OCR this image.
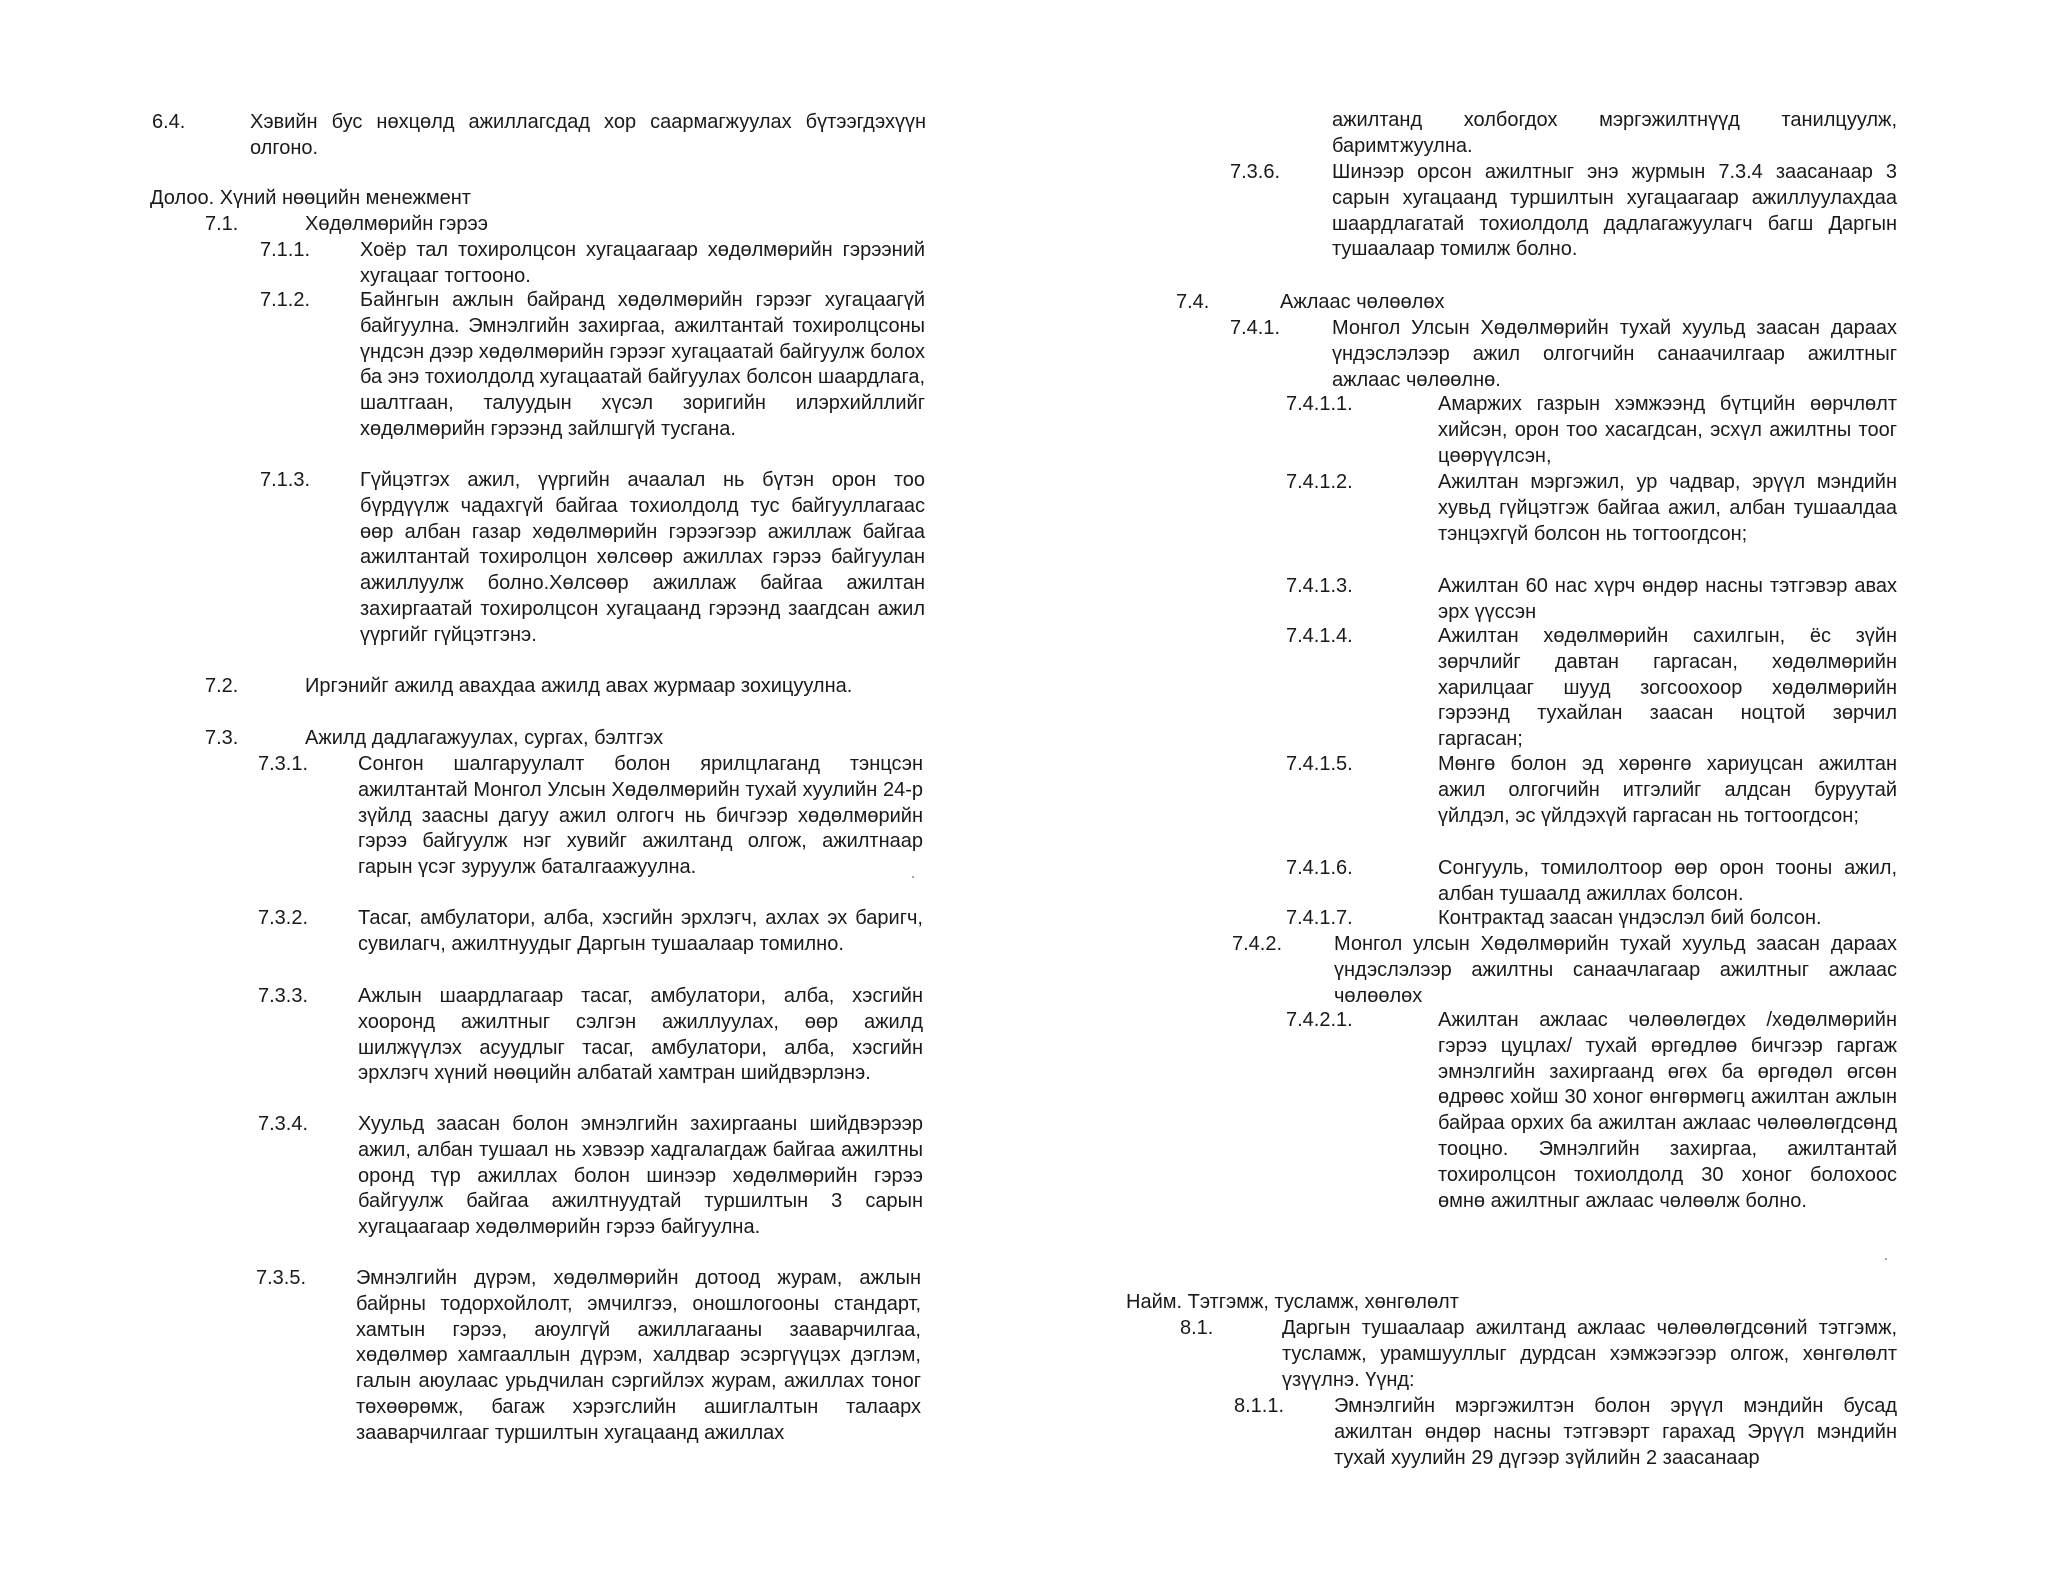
6.4.	Хэвийн бус нөхцөлд ажиллагсдад хор саармагжуулах бүтээгдэхүүн олгоно.
Долоо. Хүний нөөцийн менежмент
7.1.	Хөдөлмөрийн гэрээ
7.1.1. Хоёр тал тохиролцсон хугацаагаар хөдөлмөрийн гэрээний хугацааг тогтооно.
7.1.2. Байнгын ажлын байранд хөдөлмөрийн гэрээг хугацаагүй байгуулна. Эмнэлгийн захиргаа, ажилтантай тохиролцсоны үндсэн дээр хөдөлмөрийн гэрээг хугацаатай байгуулж болох ба энэ тохиолдолд хугацаатай байгуулах болсон шаардлага, шалтгаан, талуудын хүсэл зоригийн илэрхийллийг хөдөлмөрийн гэрээнд зайлшгүй тусгана.
7.1.3. Гүйцэтгэх ажил, үүргийн ачаалал нь бүтэн орон тоо бүрдүүлж чадахгүй байгаа тохиолдолд тус байгууллагаас өөр албан газар хөдөлмөрийн гэрээгээр ажиллаж байгаа ажилтантай тохиролцон хөлсөөр ажиллах гэрээ байгуулан ажиллуулж болно.Хөлсөөр ажиллаж байгаа ажилтан захиргаатай тохиролцсон хугацаанд гэрээнд заагдсан ажил үүргийг гүйцэтгэнэ.
7.2.	Иргэнийг ажилд авахдаа ажилд авах журмаар зохицуулна.
7.3.	Ажилд дадлагажуулах, сургах, бэлтгэх
7.3.1. Сонгон шалгаруулалт болон ярилцлаганд тэнцсэн ажилтантай Монгол Улсын Хөдөлмөрийн тухай хуулийн 24-р зүйлд заасны дагуу ажил олгогч нь бичгээр хөдөлмөрийн гэрээ байгуулж нэг хувийг ажилтанд олгож, ажилтнаар гарын үсэг зуруулж баталгаажуулна.
7.3.2. Тасаг, амбулатори, алба, хэсгийн эрхлэгч, ахлах эх баригч, сувилагч, ажилтнуудыг Даргын тушаалаар томилно.
7.3.3. Ажлын шаардлагаар тасаг, амбулатори, алба, хэсгийн хооронд ажилтныг сэлгэн ажиллуулах, өөр ажилд шилжүүлэх асуудлыг тасаг, амбулатори, алба, хэсгийн эрхлэгч хүний нөөцийн албатай хамтран шийдвэрлэнэ.
7.3.4. Хуульд заасан болон эмнэлгийн захиргааны шийдвэрээр ажил, албан тушаал нь хэвээр хадгалагдаж байгаа ажилтны оронд түр ажиллах болон шинээр хөдөлмөрийн гэрээ байгуулж байгаа ажилтнуудтай туршилтын 3 сарын хугацаагаар хөдөлмөрийн гэрээ байгуулна.
7.3.5. Эмнэлгийн дүрэм, хөдөлмөрийн дотоод журам, ажлын байрны тодорхойлолт, эмчилгээ, оношлогооны стандарт, хамтын гэрээ, аюулгүй ажиллагааны зааварчилгаа, хөдөлмөр хамгааллын дүрэм, халдвар эсэргүүцэх дэглэм, галын аюулаас урьдчилан сэргийлэх журам, ажиллах тоног төхөөрөмж, багаж хэрэгслийн ашиглалтын талаарх зааварчилгааг туршилтын хугацаанд ажиллах
ажилтанд холбогдох мэргэжилтнүүд танилцуулж, баримтжуулна.
7.3.6.	Шинээр орсон ажилтныг энэ журмын 7.3.4 заасанаар 3 сарын хугацаанд туршилтын хугацаагаар ажиллуулахдаа шаардлагатай тохиолдолд дадлагажуулагч багш Даргын тушаалаар томилж болно.
7.4.	Ажлаас чөлөөлөх
7.4.1.	Монгол Улсын Хөдөлмөрийн тухай хуульд заасан дараах үндэслэлээр ажил олгогчийн санаачилгаар ажилтныг ажлаас чөлөөлнө.
7.4.1.1.	Амаржих газрын хэмжээнд бүтцийн өөрчлөлт хийсэн, орон тоо хасагдсан, эсхүл ажилтны тоог цөөрүүлсэн,
7.4.1.2.	Ажилтан мэргэжил, ур чадвар, эрүүл мэндийн хувьд гүйцэтгэж байгаа ажил, албан тушаалдаа тэнцэхгүй болсон нь тогтоогдсон;
7.4.1.3.	Ажилтан 60 нас хүрч өндөр насны тэтгэвэр авах эрх үүссэн
7.4.1.4.	Ажилтан хөдөлмөрийн сахилгын, ёс зүйн зөрчлийг давтан гаргасан, хөдөлмөрийн харилцааг шууд зогсоохоор хөдөлмөрийн гэрээнд тухайлан заасан ноцтой зөрчил гаргасан;
7.4.1.5.	Мөнгө болон эд хөрөнгө хариуцсан ажилтан ажил олгогчийн итгэлийг алдсан буруутай үйлдэл, эс үйлдэхүй гаргасан нь тогтоогдсон;
7.4.1.6.	Сонгууль, томилолтоор өөр орон тооны ажил, албан тушаалд ажиллах болсон.
7.4.1.7.	Контрактад заасан үндэслэл бий болсон.
7.4.2.	Монгол улсын Хөдөлмөрийн тухай хуульд заасан дараах үндэслэлээр ажилтны санаачлагаар ажилтныг ажлаас чөлөөлөх
7.4.2.1.	Ажилтан ажлаас чөлөөлөгдөх /хөдөлмөрийн гэрээ цуцлах/ тухай өргөдлөө бичгээр гаргаж эмнэлгийн захиргаанд өгөх ба өргөдөл өгсөн өдрөөс хойш 30 хоног өнгөрмөгц ажилтан ажлын байраа орхих ба ажилтан ажлаас чөлөөлөгдсөнд тооцно. Эмнэлгийн захиргаа, ажилтантай тохиролцсон тохиолдолд 30 хоног болохоос өмнө ажилтныг ажлаас чөлөөлж болно.
Найм. Тэтгэмж, тусламж, хөнгөлөлт
8.1.	Даргын тушаалаар ажилтанд ажлаас чөлөөлөгдсөний тэтгэмж, тусламж, урамшууллыг дурдсан хэмжээгээр олгож, хөнгөлөлт үзүүлнэ. Үүнд:
8.1.1. Эмнэлгийн мэргэжилтэн болон эрүүл мэндийн бусад ажилтан өндөр насны тэтгэвэрт гарахад Эрүүл мэндийн тухай хуулийн 29 дүгээр зүйлийн 2 заасанаар
